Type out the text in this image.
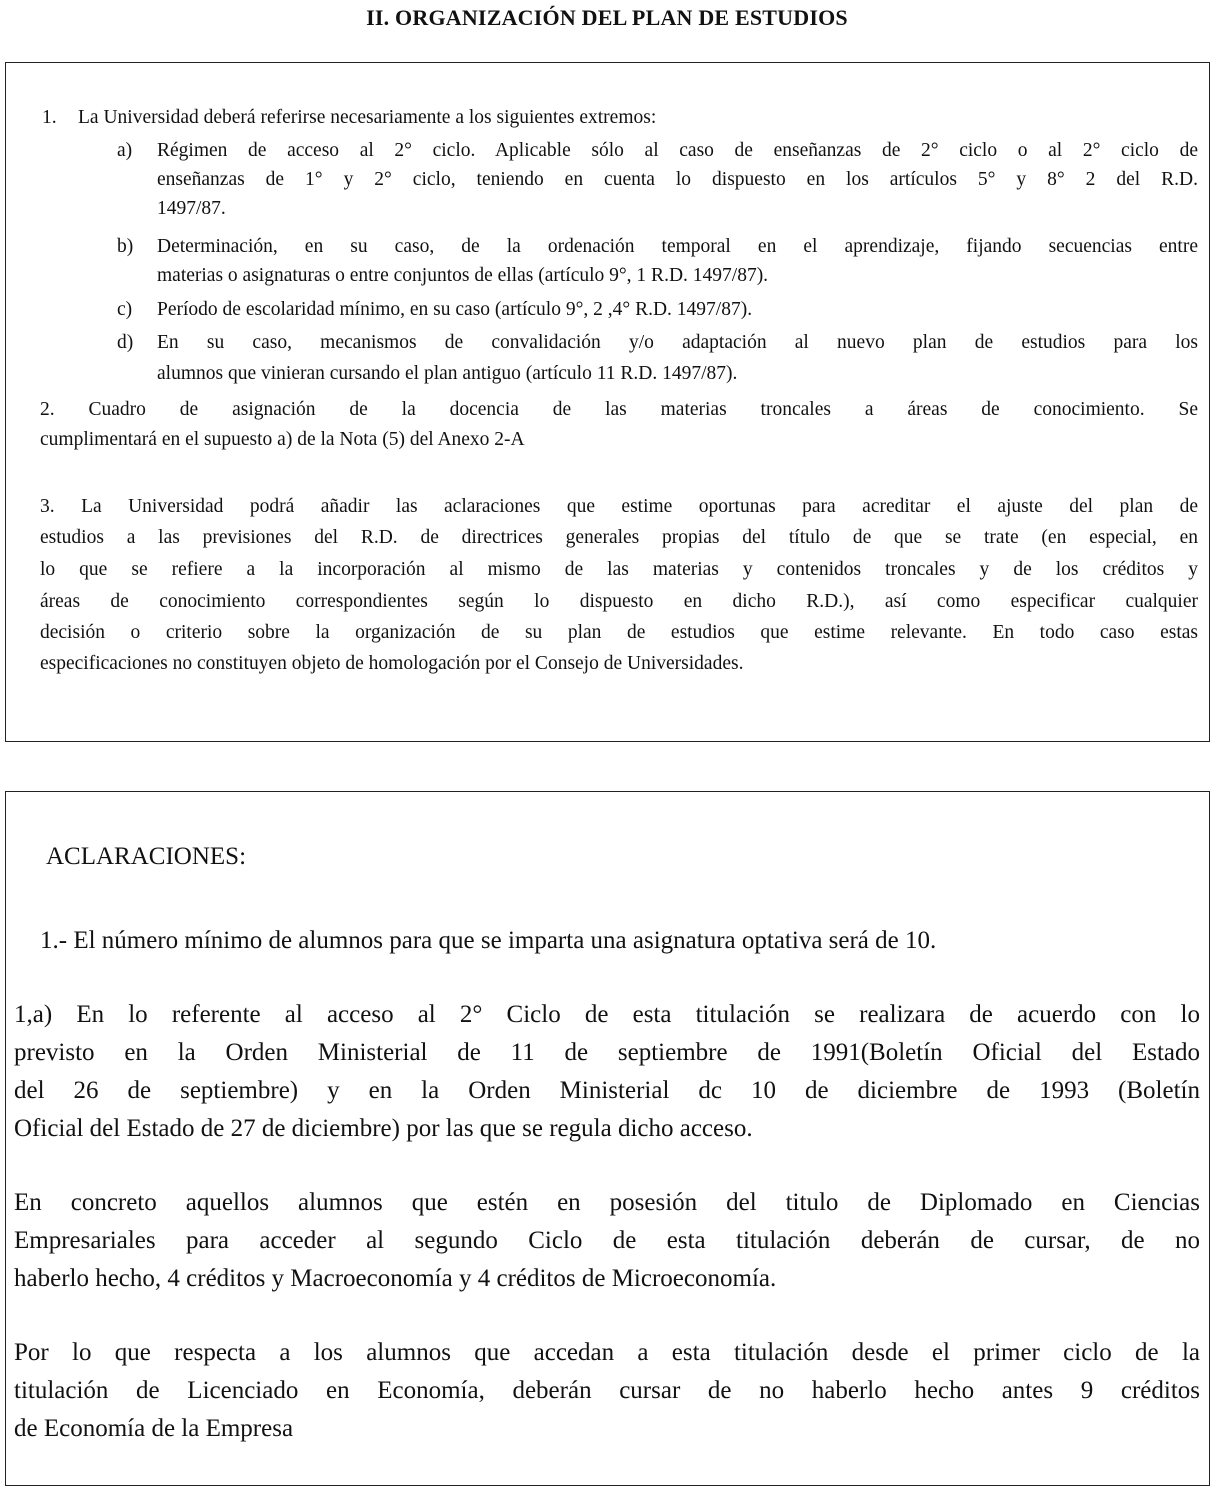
II. ORGANIZACIÓN DEL PLAN DE ESTUDIOS
1. La Universidad deberá referirse necesariamente a los siguientes extremos:
a) Régimen de acceso al 2° ciclo. Aplicable sólo al caso de enseñanzas de 2° ciclo o al 2° ciclo de
enseñanzas de 1° y 2° ciclo, teniendo en cuenta lo dispuesto en los artículos 5° y 8° 2 del R.D.
1497/87.
b) Determinación, en su caso, de la ordenación temporal en el aprendizaje, fijando secuencias entre
materias o asignaturas o entre conjuntos de ellas (artículo 9°, 1 R.D. 1497/87).
c) Período de escolaridad mínimo, en su caso (artículo 9°, 2 ,4° R.D. 1497/87).
d) En su caso, mecanismos de convalidación y/o adaptación al nuevo plan de estudios para los
alumnos que vinieran cursando el plan antiguo (artículo 11 R.D. 1497/87).
2. Cuadro de asignación de la docencia de las materias troncales a áreas de conocimiento. Se
cumplimentará en el supuesto a) de la Nota (5) del Anexo 2-A
3. La Universidad podrá añadir las aclaraciones que estime oportunas para acreditar el ajuste del plan de
estudios a las previsiones del R.D. de directrices generales propias del título de que se trate (en especial, en
lo que se refiere a la incorporación al mismo de las materias y contenidos troncales y de los créditos y
áreas de conocimiento correspondientes según lo dispuesto en dicho R.D.), así como especificar cualquier
decisión o criterio sobre la organización de su plan de estudios que estime relevante. En todo caso estas
especificaciones no constituyen objeto de homologación por el Consejo de Universidades.
ACLARACIONES:
1.- El número mínimo de alumnos para que se imparta una asignatura optativa será de 10.
1,a) En lo referente al acceso al 2° Ciclo de esta titulación se realizara de acuerdo con lo
previsto en la Orden Ministerial de 11 de septiembre de 1991(Boletín Oficial del Estado
del 26 de septiembre) y en la Orden Ministerial dc 10 de diciembre de 1993 (Boletín
Oficial del Estado de 27 de diciembre) por las que se regula dicho acceso.
En concreto aquellos alumnos que estén en posesión del titulo de Diplomado en Ciencias
Empresariales para acceder al segundo Ciclo de esta titulación deberán de cursar, de no
haberlo hecho, 4 créditos y Macroeconomía y 4 créditos de Microeconomía.
Por lo que respecta a los alumnos que accedan a esta titulación desde el primer ciclo de la
titulación de Licenciado en Economía, deberán cursar de no haberlo hecho antes 9 créditos
de Economía de la Empresa
